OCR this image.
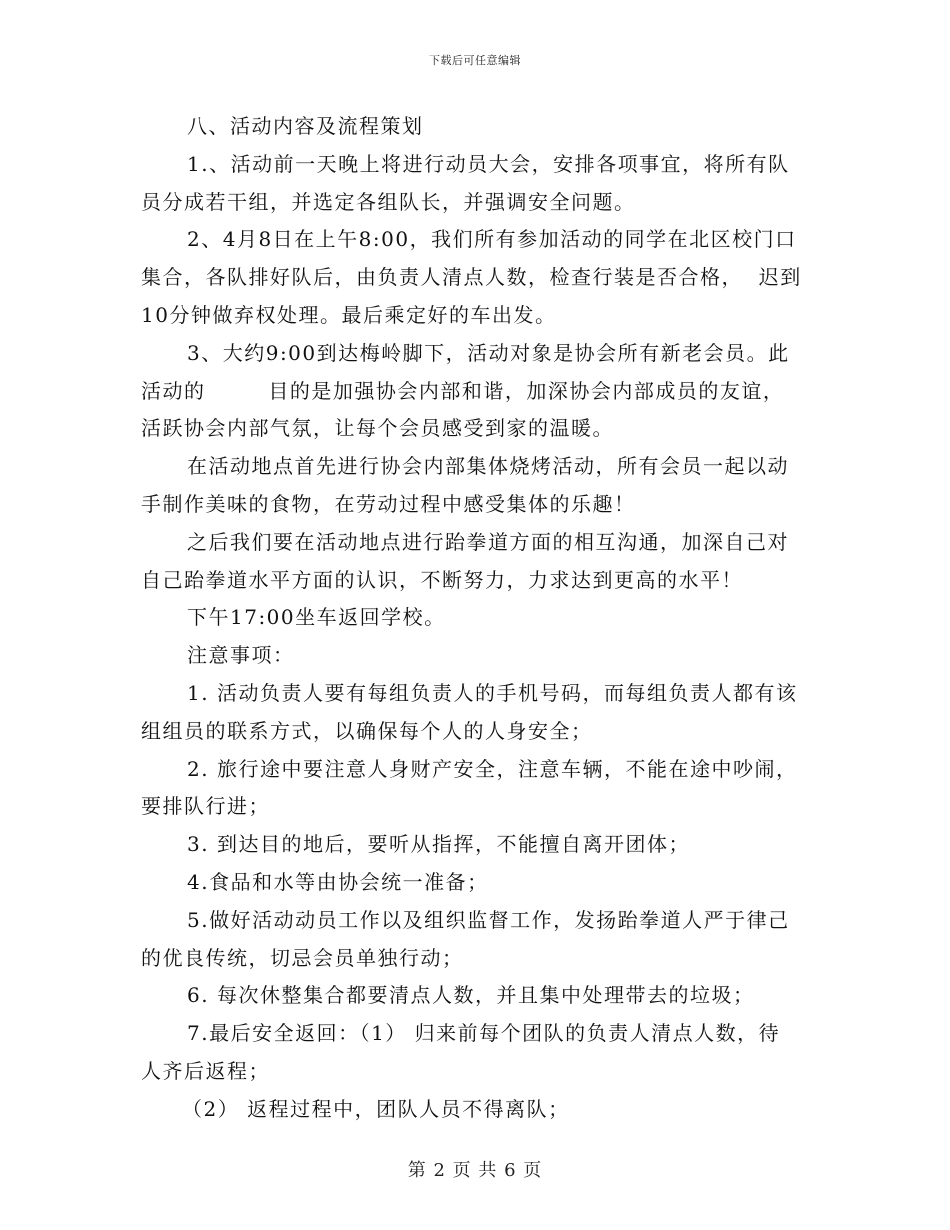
下载后可任意编辑
八、活动内容及流程策划
1.、活动前一天晚上将进行动员大会，安排各项事宜，将所有队
员分成若干组，并选定各组队长，并强调安全问题。
2、4月8日在上午8:00，我们所有参加活动的同学在北区校门口
集合，各队排好队后，由负责人清点人数，检查行装是否合格，  迟到
10分钟做弃权处理。最后乘定好的车出发。
3、大约9:00到达梅岭脚下，活动对象是协会所有新老会员。此
活动的        目的是加强协会内部和谐，加深协会内部成员的友谊，
活跃协会内部气氛，让每个会员感受到家的温暖。
在活动地点首先进行协会内部集体烧烤活动，所有会员一起以动
手制作美味的食物，在劳动过程中感受集体的乐趣！
之后我们要在活动地点进行跆拳道方面的相互沟通，加深自己对
自己跆拳道水平方面的认识，不断努力，力求达到更高的水平！
下午17:00坐车返回学校。
注意事项：
1. 活动负责人要有每组负责人的手机号码，而每组负责人都有该
组组员的联系方式，以确保每个人的人身安全；
2. 旅行途中要注意人身财产安全，注意车辆，不能在途中吵闹，
要排队行进；
3. 到达目的地后，要听从指挥，不能擅自离开团体；
4.食品和水等由协会统一准备；
5.做好活动动员工作以及组织监督工作，发扬跆拳道人严于律己
的优良传统，切忌会员单独行动；
6. 每次休整集合都要清点人数，并且集中处理带去的垃圾；
7.最后安全返回：（1） 归来前每个团队的负责人清点人数，待
人齐后返程；
（2） 返程过程中，团队人员不得离队；
第 2 页 共 6 页
